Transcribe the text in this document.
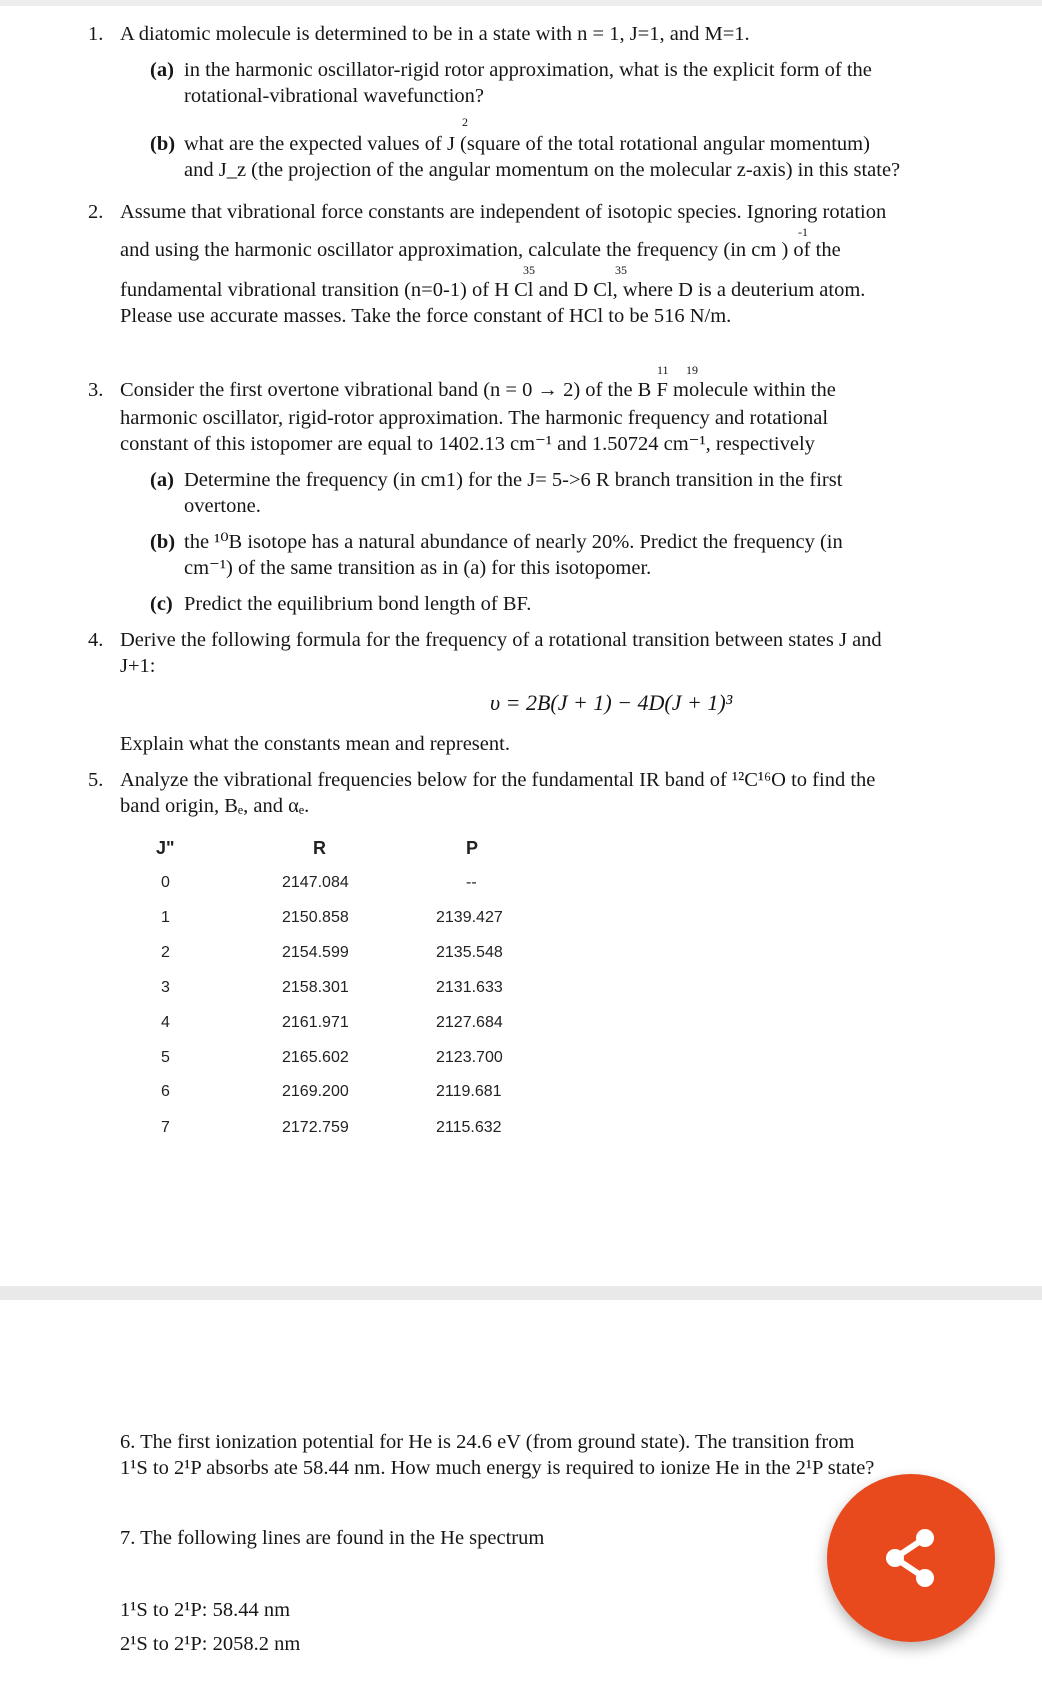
1. A diatomic molecule is determined to be in a state with n = 1, J=1, and M=1.
(a) in the harmonic oscillator-rigid rotor approximation, what is the explicit form of the
rotational-vibrational wavefunction?
2
(b) what are the expected values of J (square of the total rotational angular momentum)
and J_z (the projection of the angular momentum on the molecular z-axis) in this state?
2. Assume that vibrational force constants are independent of isotopic species. Ignoring rotation
-1
and using the harmonic oscillator approximation, calculate the frequency (in cm ) of the
35	35
fundamental vibrational transition (n=0-1) of H Cl and D Cl, where D is a deuterium atom.
Please use accurate masses. Take the force constant of HCl to be 516 N/m.
11 19
3. Consider the first overtone vibrational band (n = 0 → 2) of the B F molecule within the
harmonic oscillator, rigid-rotor approximation. The harmonic frequency and rotational
constant of this istopomer are equal to 1402.13 cm⁻¹ and 1.50724 cm⁻¹, respectively
(a) Determine the frequency (in cm1) for the J= 5->6 R branch transition in the first
overtone.
(b) the ¹⁰B isotope has a natural abundance of nearly 20%. Predict the frequency (in
cm⁻¹) of the same transition as in (a) for this isotopomer.
(c) Predict the equilibrium bond length of BF.
4. Derive the following formula for the frequency of a rotational transition between states J and
J+1:
υ = 2B(J + 1) − 4D(J + 1)³
Explain what the constants mean and represent.
5. Analyze the vibrational frequencies below for the fundamental IR band of ¹²C¹⁶O to find the
band origin, Bₑ, and αₑ.
J"	R	P
0	2147.084	--
1	2150.858	2139.427
2	2154.599	2135.548
3	2158.301	2131.633
4	2161.971	2127.684
5	2165.602	2123.700
6	2169.200	2119.681
7	2172.759	2115.632
6. The first ionization potential for He is 24.6 eV (from ground state). The transition from
1¹S to 2¹P absorbs ate 58.44 nm. How much energy is required to ionize He in the 2¹P state?
7. The following lines are found in the He spectrum
1¹S to 2¹P: 58.44 nm
2¹S to 2¹P: 2058.2 nm
